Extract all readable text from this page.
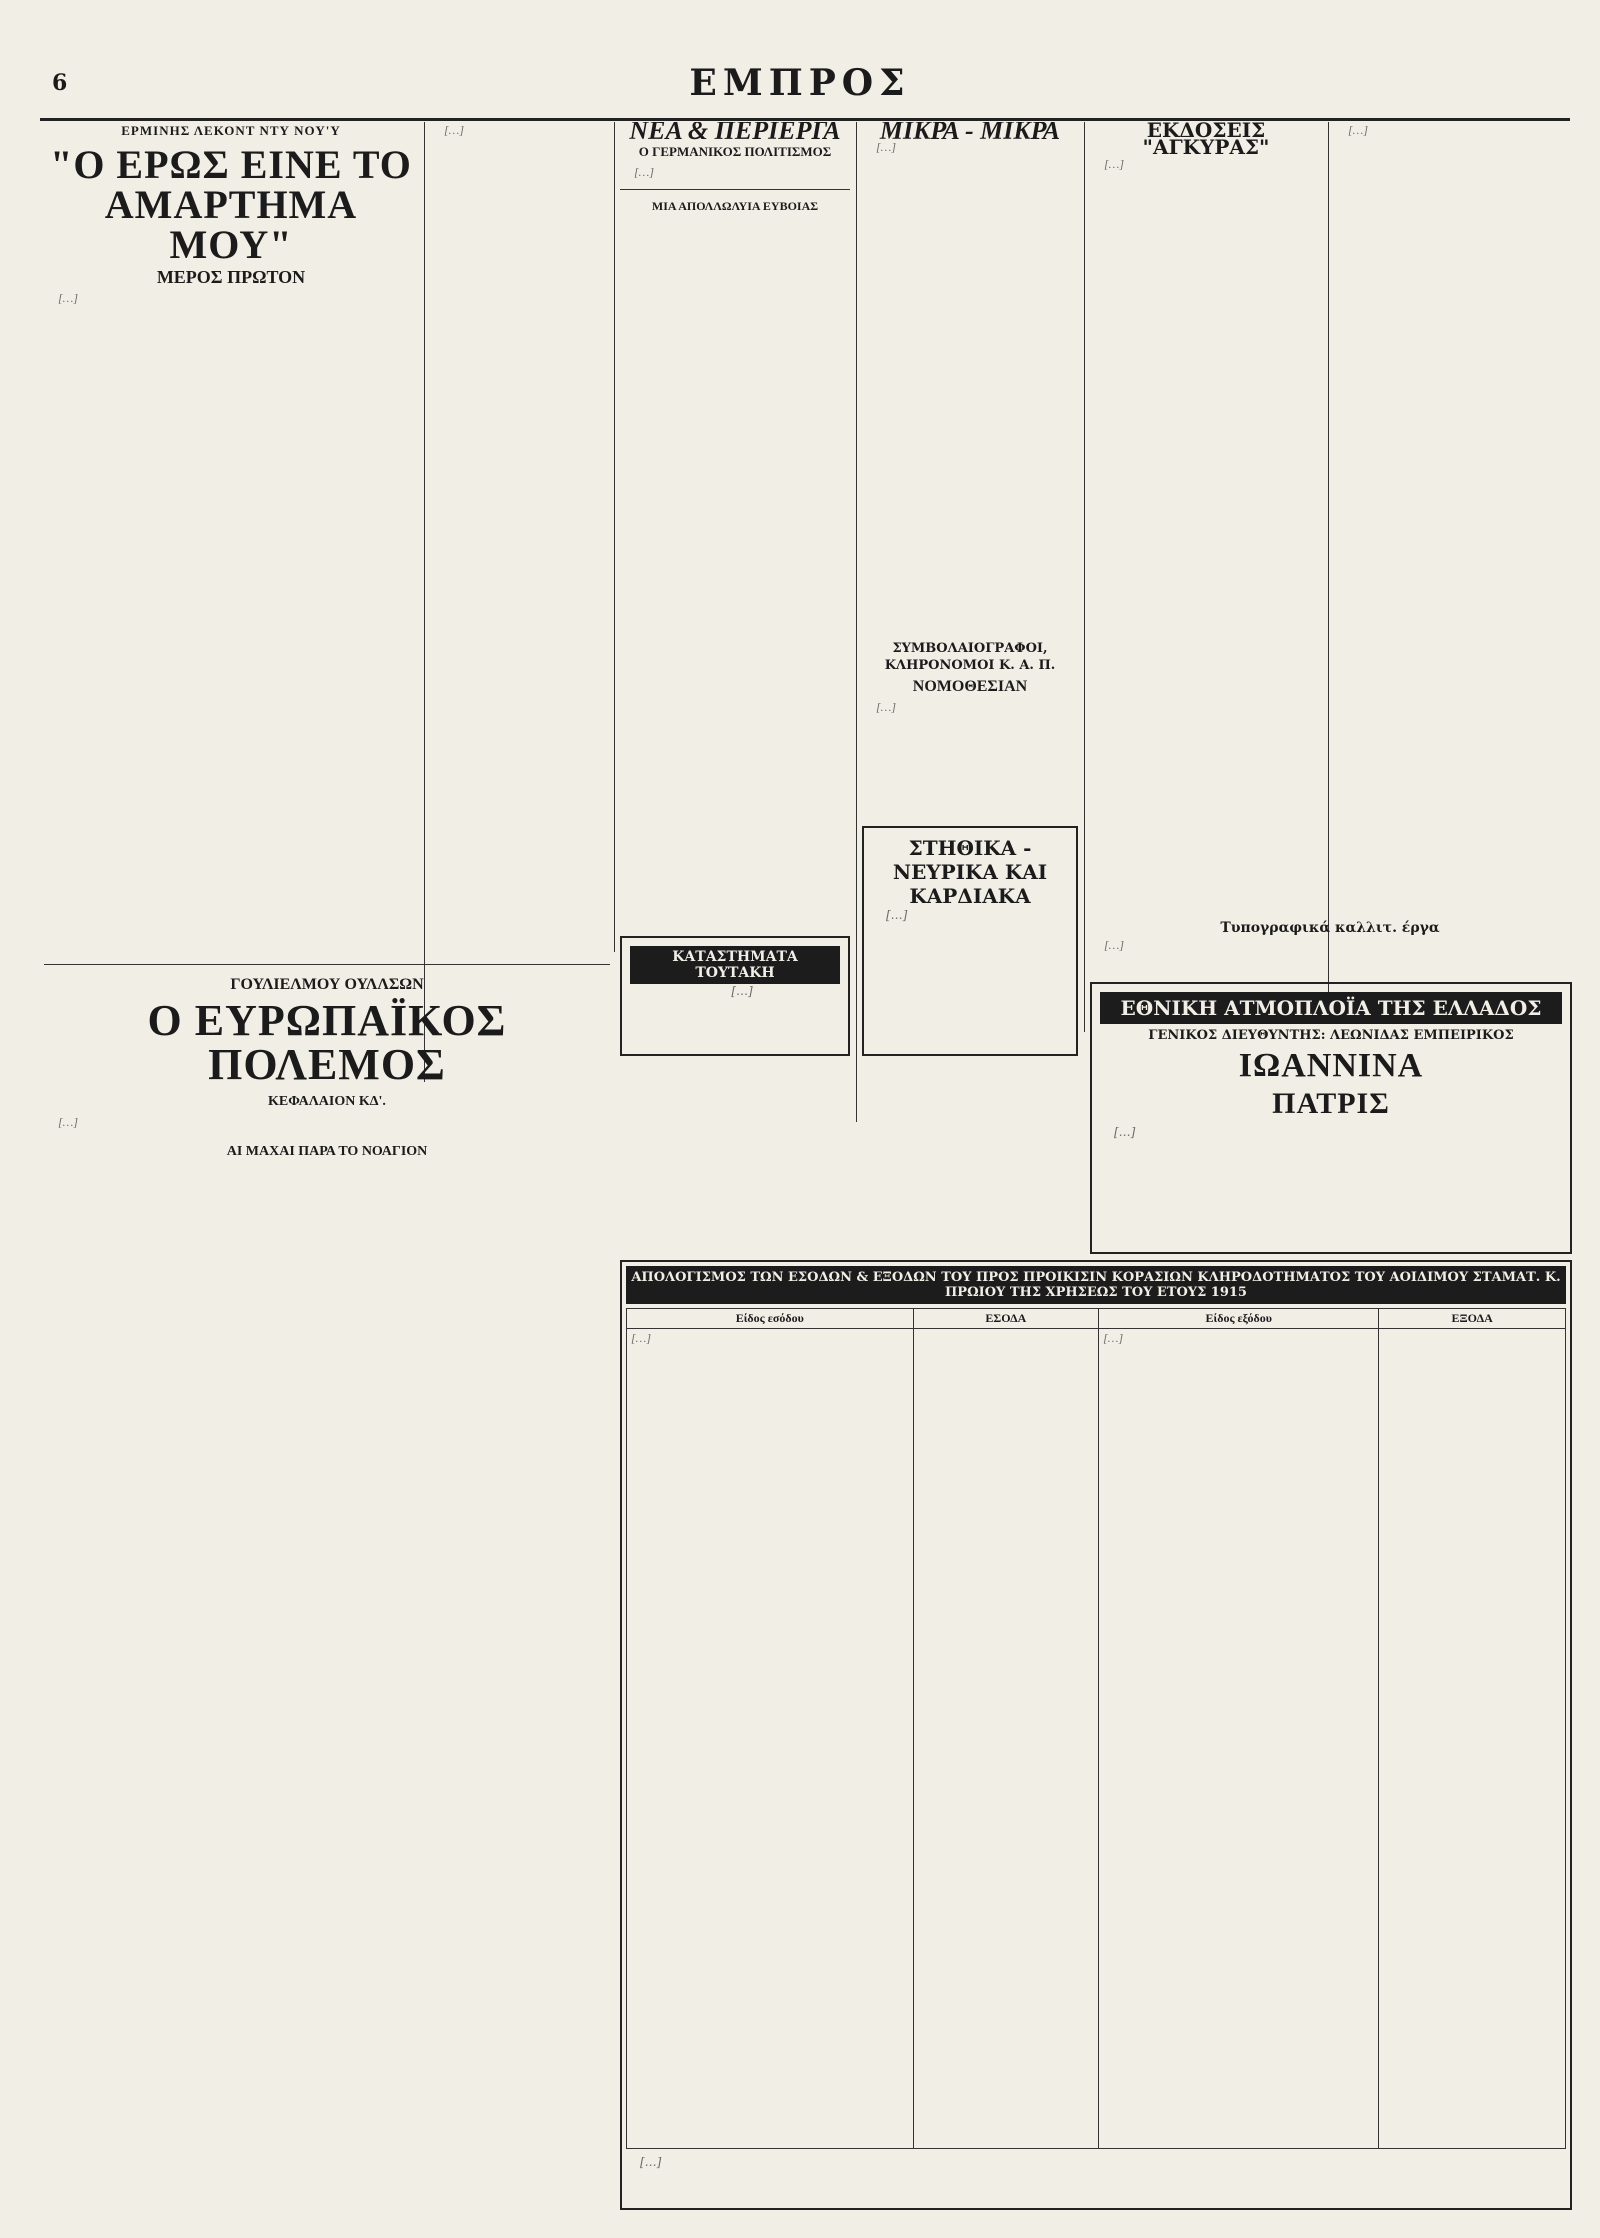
6	ΕΜΠΡΟΣ
ΕΡΜΙΝΗΣ ΛΕΚΟΝΤ ΝΤΥ ΝΟΥ'Υ
"Ο ΕΡΩΣ ΕΙΝΕ ΤΟ ΑΜΑΡΤΗΜΑ ΜΟΥ"
ΜΕΡΟΣ ΠΡΩΤΟΝ

[…]

[…]	ΝΕΑ & ΠΕΡΙΕΡΓΑ
Ο ΓΕΡΜΑΝΙΚΟΣ ΠΟΛΙΤΙΣΜΟΣ

[…]

ΜΙΑ ΑΠΟΛΛΩΛΥΙΑ ΕΥΒΟΙΑΣ
ΜΙΚΡΑ - ΜΙΚΡΑ

[…]

ΕΚΔΟΣΕΙΣ "ΑΓΚΥΡΑΣ"

[…]

[…]

ΓΟΥΛΙΕΛΜΟΥ ΟΥΛΛΣΩΝ
Ο ΕΥΡΩΠΑΪΚΟΣ ΠΟΛΕΜΟΣ
ΚΕΦΑΛΑΙΟΝ ΚΔ'.

[…]

ΑΙ ΜΑΧΑΙ ΠΑΡΑ ΤΟ ΝΟΑΓΙΟΝ
ΣΥΜΒΟΛΑΙΟΓΡΑΦΟΙ, ΚΛΗΡΟΝΟΜΟΙ Κ. Α. Π.
ΝΟΜΟΘΕΣΙΑΝ

[…]

ΣΤΗΘΙΚΑ - ΝΕΥΡΙΚΑ ΚΑΙ ΚΑΡΔΙΑΚΑ

[…]

ΚΑΤΑΣΤΗΜΑΤΑ ΤΟΥΤΑΚΗ

[…]

Τυπογραφικά καλλιτ. έργα

[…]

ΕΘΝΙΚΗ ΑΤΜΟΠΛΟΪΑ ΤΗΣ ΕΛΛΑΔΟΣ
ΓΕΝΙΚΟΣ ΔΙΕΥΘΥΝΤΗΣ: ΛΕΩΝΙΔΑΣ ΕΜΠΕΙΡΙΚΟΣ
ΙΩΑΝΝΙΝΑ
ΠΑΤΡΙΣ

[…]

ΑΠΟΛΟΓΙΣΜΟΣ ΤΩΝ ΕΣΟΔΩΝ & ΕΞΟΔΩΝ ΤΟΥ ΠΡΟΣ ΠΡΟΙΚΙΣΙΝ ΚΟΡΑΣΙΩΝ ΚΛΗΡΟΔΟΤΗΜΑΤΟΣ ΤΟΥ ΑΟΙΔΙΜΟΥ ΣΤΑΜΑΤ. Κ. ΠΡΩΙΟΥ ΤΗΣ ΧΡΗΣΕΩΣ ΤΟΥ ΕΤΟΥΣ 1915
Είδος εσόδου	ΕΣΟΔΑ	Είδος εξόδου	ΕΞΟΔΑ
[…]		[…]	

[…]
